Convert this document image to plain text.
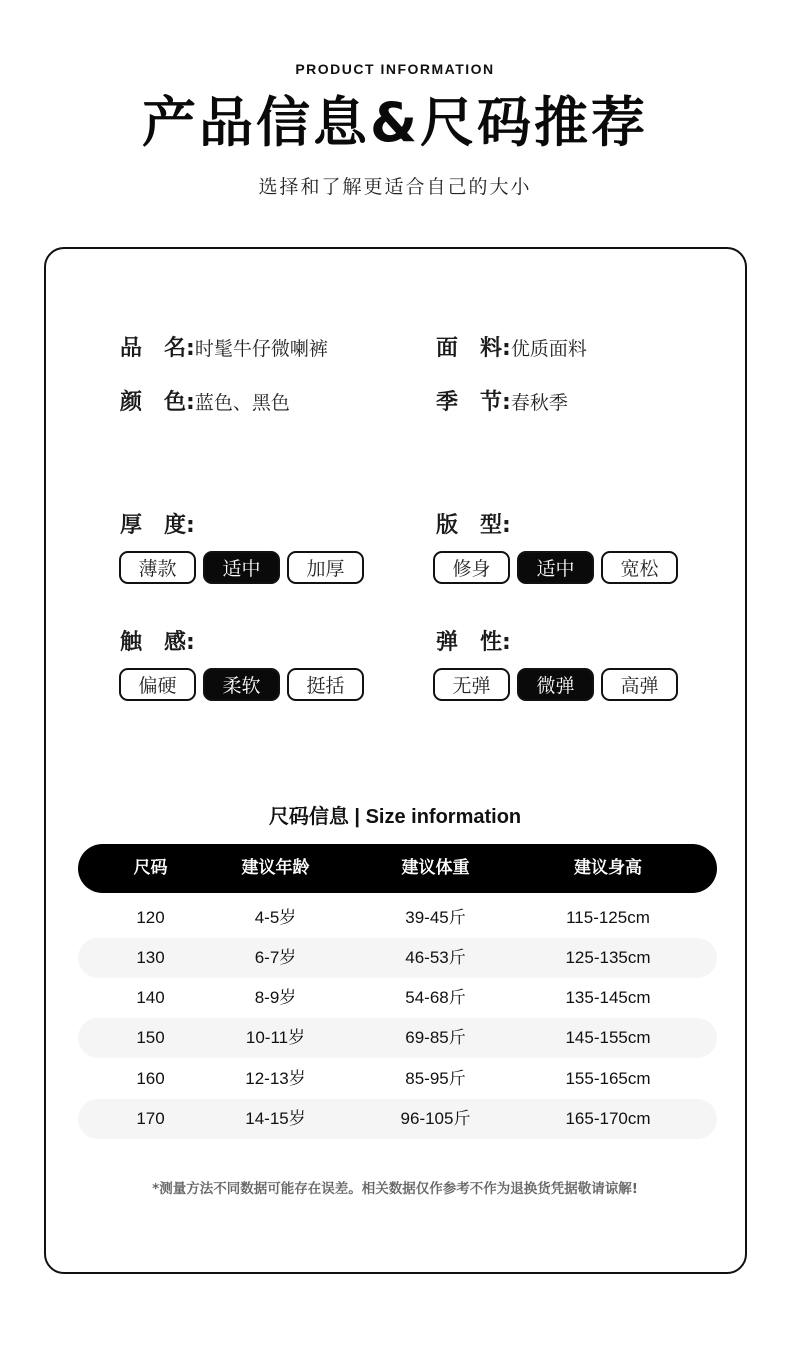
PRODUCT INFORMATION
产品信息&尺码推荐
选择和了解更适合自己的大小
品　名:时髦牛仔微喇裤	面　料:优质面料
颜　色:蓝色、黑色	季　节:春秋季
厚　度:
薄款	适中	加厚
版　型:
修身	适中	宽松
触　感:
偏硬	柔软	挺括
弹　性:
无弹	微弹	高弹
尺码信息 | Size information
尺码	建议年龄	建议体重	建议身高
120	4-5岁	39-45斤	115-125cm
130	6-7岁	46-53斤	125-135cm
140	8-9岁	54-68斤	135-145cm
150	10-11岁	69-85斤	145-155cm
160	12-13岁	85-95斤	155-165cm
170	14-15岁	96-105斤	165-170cm
*测量方法不同数据可能存在误差。相关数据仅作参考不作为退换货凭据敬请谅解!
